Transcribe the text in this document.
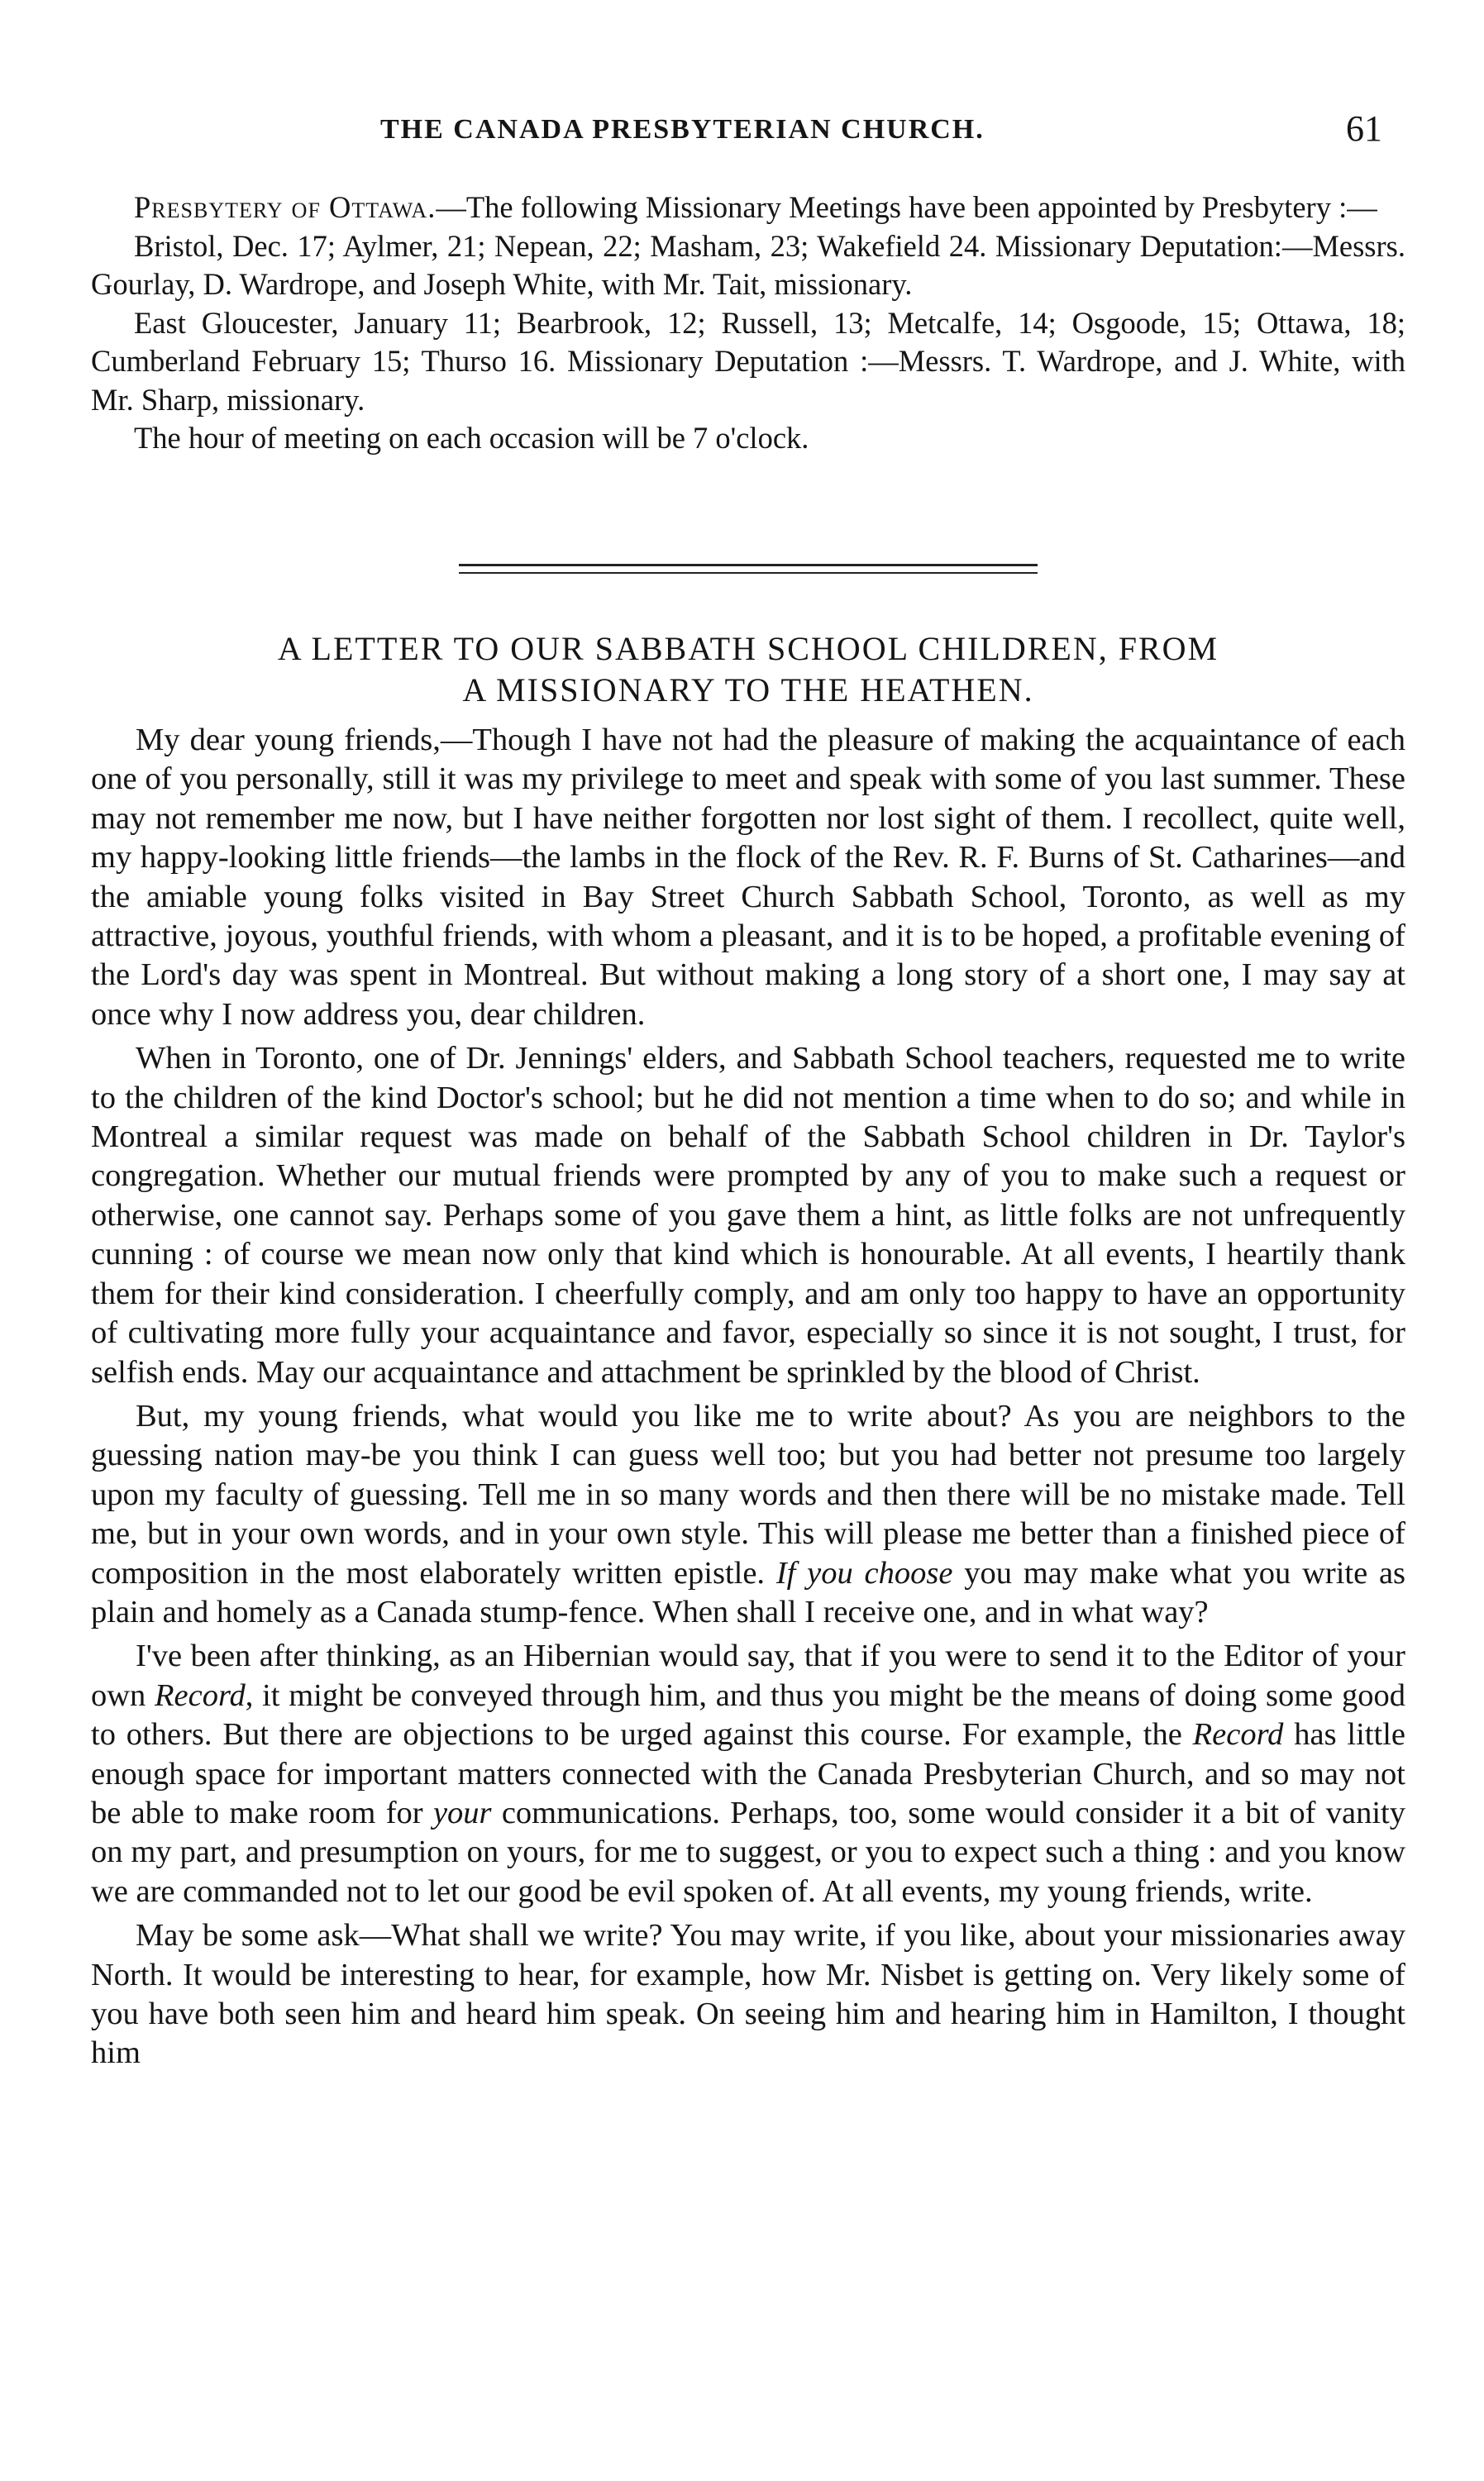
THE CANADA PRESBYTERIAN CHURCH.	61

Presbytery of Ottawa.—The following Missionary Meetings have been appointed by Presbytery :—

Bristol, Dec. 17; Aylmer, 21; Nepean, 22; Masham, 23; Wakefield 24. Missionary Deputation:—Messrs. Gourlay, D. Wardrope, and Joseph White, with Mr. Tait, missionary.

East Gloucester, January 11; Bearbrook, 12; Russell, 13; Metcalfe, 14; Osgoode, 15; Ottawa, 18; Cumberland February 15; Thurso 16. Missionary Deputation :—Messrs. T. Wardrope, and J. White, with Mr. Sharp, missionary.

The hour of meeting on each occasion will be 7 o'clock.

A LETTER TO OUR SABBATH SCHOOL CHILDREN, FROM
A MISSIONARY TO THE HEATHEN.

My dear young friends,—Though I have not had the pleasure of making the acquaintance of each one of you personally, still it was my privilege to meet and speak with some of you last summer. These may not remember me now, but I have neither forgotten nor lost sight of them. I recollect, quite well, my happy-looking little friends—the lambs in the flock of the Rev. R. F. Burns of St. Catharines—and the amiable young folks visited in Bay Street Church Sabbath School, Toronto, as well as my attractive, joyous, youthful friends, with whom a pleasant, and it is to be hoped, a profitable evening of the Lord's day was spent in Montreal. But without making a long story of a short one, I may say at once why I now address you, dear children.

When in Toronto, one of Dr. Jennings' elders, and Sabbath School teachers, requested me to write to the children of the kind Doctor's school; but he did not mention a time when to do so; and while in Montreal a similar request was made on behalf of the Sabbath School children in Dr. Taylor's congregation. Whether our mutual friends were prompted by any of you to make such a request or otherwise, one cannot say. Perhaps some of you gave them a hint, as little folks are not unfrequently cunning : of course we mean now only that kind which is honourable. At all events, I heartily thank them for their kind consideration. I cheerfully comply, and am only too happy to have an opportunity of cultivating more fully your acquaintance and favor, especially so since it is not sought, I trust, for selfish ends. May our acquaintance and attachment be sprinkled by the blood of Christ.

But, my young friends, what would you like me to write about? As you are neighbors to the guessing nation may-be you think I can guess well too; but you had better not presume too largely upon my faculty of guessing. Tell me in so many words and then there will be no mistake made. Tell me, but in your own words, and in your own style. This will please me better than a finished piece of composition in the most elaborately written epistle. If you choose you may make what you write as plain and homely as a Canada stump-fence. When shall I receive one, and in what way?

I've been after thinking, as an Hibernian would say, that if you were to send it to the Editor of your own Record, it might be conveyed through him, and thus you might be the means of doing some good to others. But there are objections to be urged against this course. For example, the Record has little enough space for important matters connected with the Canada Presbyterian Church, and so may not be able to make room for your communications. Perhaps, too, some would consider it a bit of vanity on my part, and presumption on yours, for me to suggest, or you to expect such a thing : and you know we are commanded not to let our good be evil spoken of. At all events, my young friends, write.

May be some ask—What shall we write? You may write, if you like, about your missionaries away North. It would be interesting to hear, for example, how Mr. Nisbet is getting on. Very likely some of you have both seen him and heard him speak. On seeing him and hearing him in Hamilton, I thought him
